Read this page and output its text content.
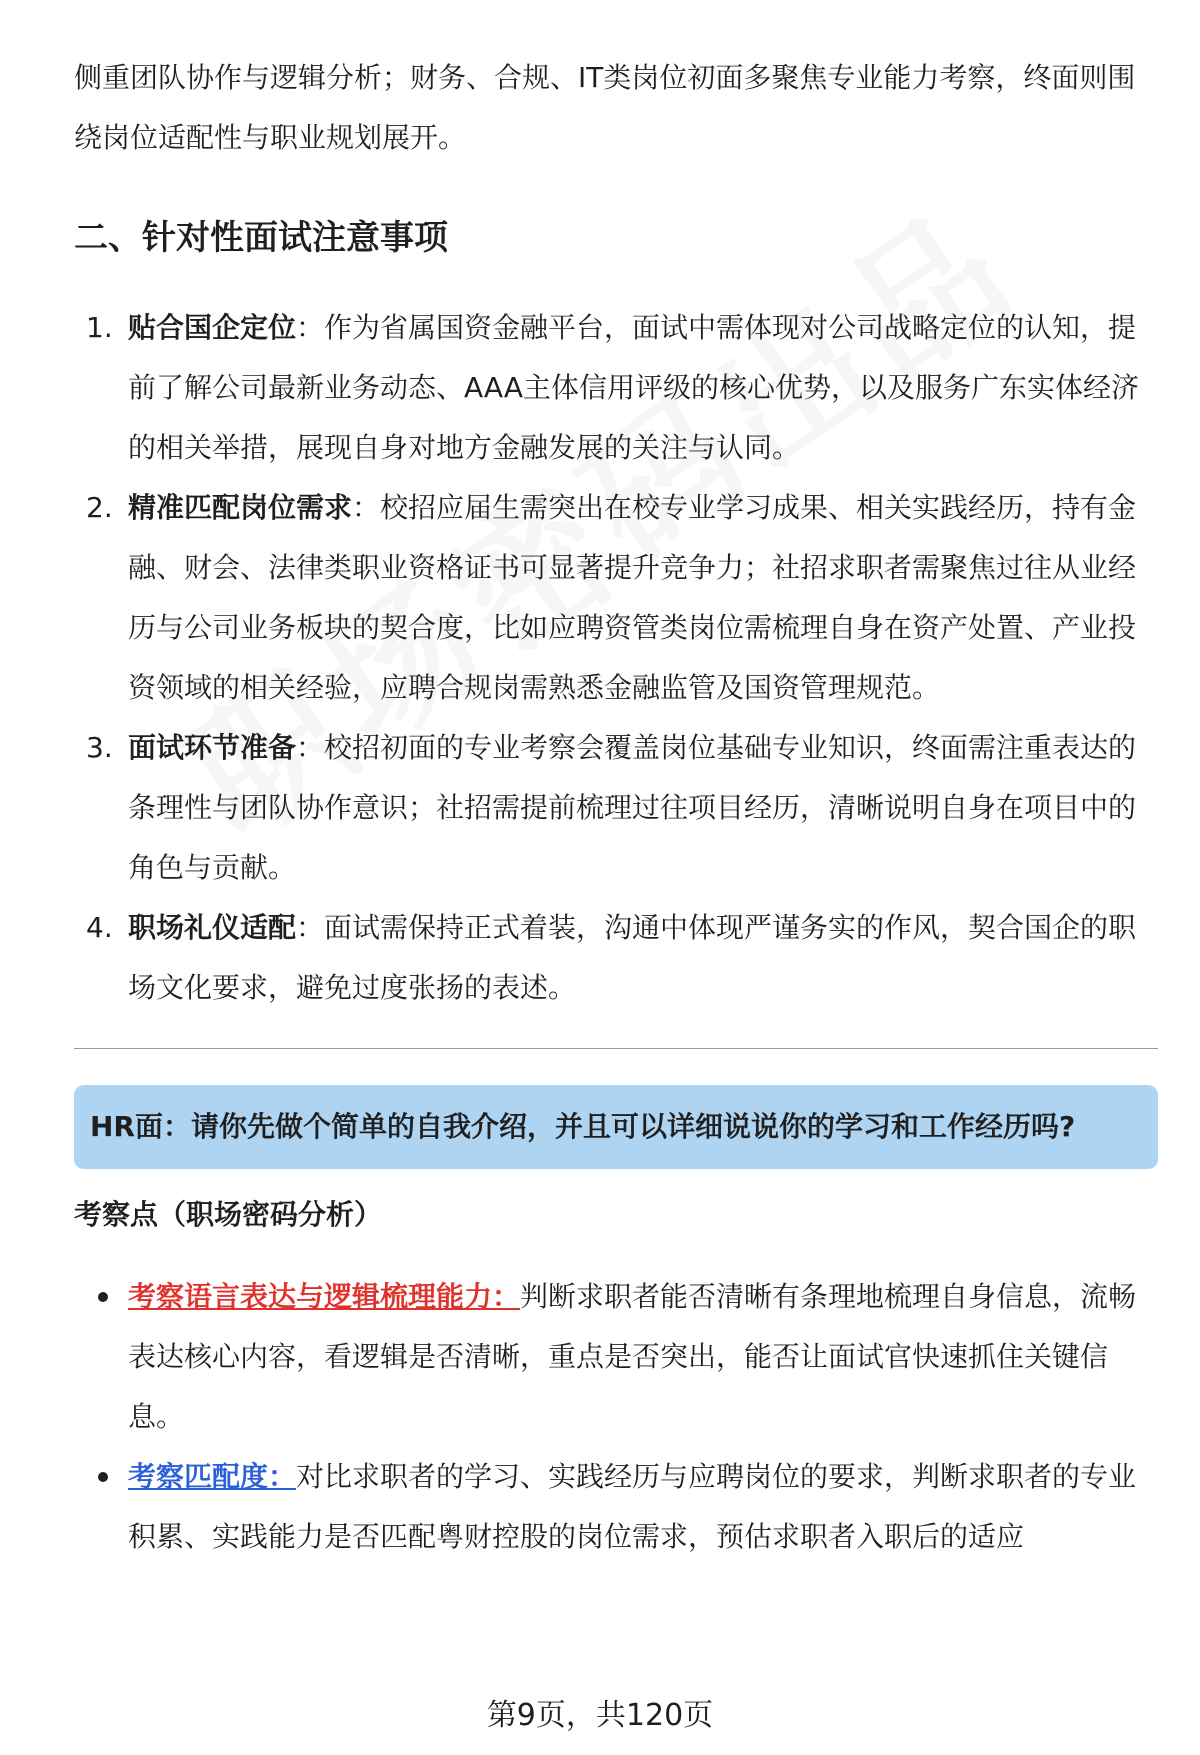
侧重团队协作与逻辑分析；财务、合规、IT类岗位初面多聚焦专业能力考察，终面则围绕岗位适配性与职业规划展开。

二、针对性面试注意事项
1. 贴合国企定位：作为省属国资金融平台，面试中需体现对公司战略定位的认知，提前了解公司最新业务动态、AAA主体信用评级的核心优势，以及服务广东实体经济的相关举措，展现自身对地方金融发展的关注与认同。
2. 精准匹配岗位需求：校招应届生需突出在校专业学习成果、相关实践经历，持有金融、财会、法律类职业资格证书可显著提升竞争力；社招求职者需聚焦过往从业经历与公司业务板块的契合度，比如应聘资管类岗位需梳理自身在资产处置、产业投资领域的相关经验，应聘合规岗需熟悉金融监管及国资管理规范。
3. 面试环节准备：校招初面的专业考察会覆盖岗位基础专业知识，终面需注重表达的条理性与团队协作意识；社招需提前梳理过往项目经历，清晰说明自身在项目中的角色与贡献。
4. 职场礼仪适配：面试需保持正式着装，沟通中体现严谨务实的作风，契合国企的职场文化要求，避免过度张扬的表述。
HR面：请你先做个简单的自我介绍，并且可以详细说说你的学习和工作经历吗?
考察点（职场密码分析）
考察语言表达与逻辑梳理能力：判断求职者能否清晰有条理地梳理自身信息，流畅表达核心内容，看逻辑是否清晰，重点是否突出，能否让面试官快速抓住关键信息。
考察匹配度：对比求职者的学习、实践经历与应聘岗位的要求，判断求职者的专业积累、实践能力是否匹配粤财控股的岗位需求，预估求职者入职后的适应
第9页，共120页
